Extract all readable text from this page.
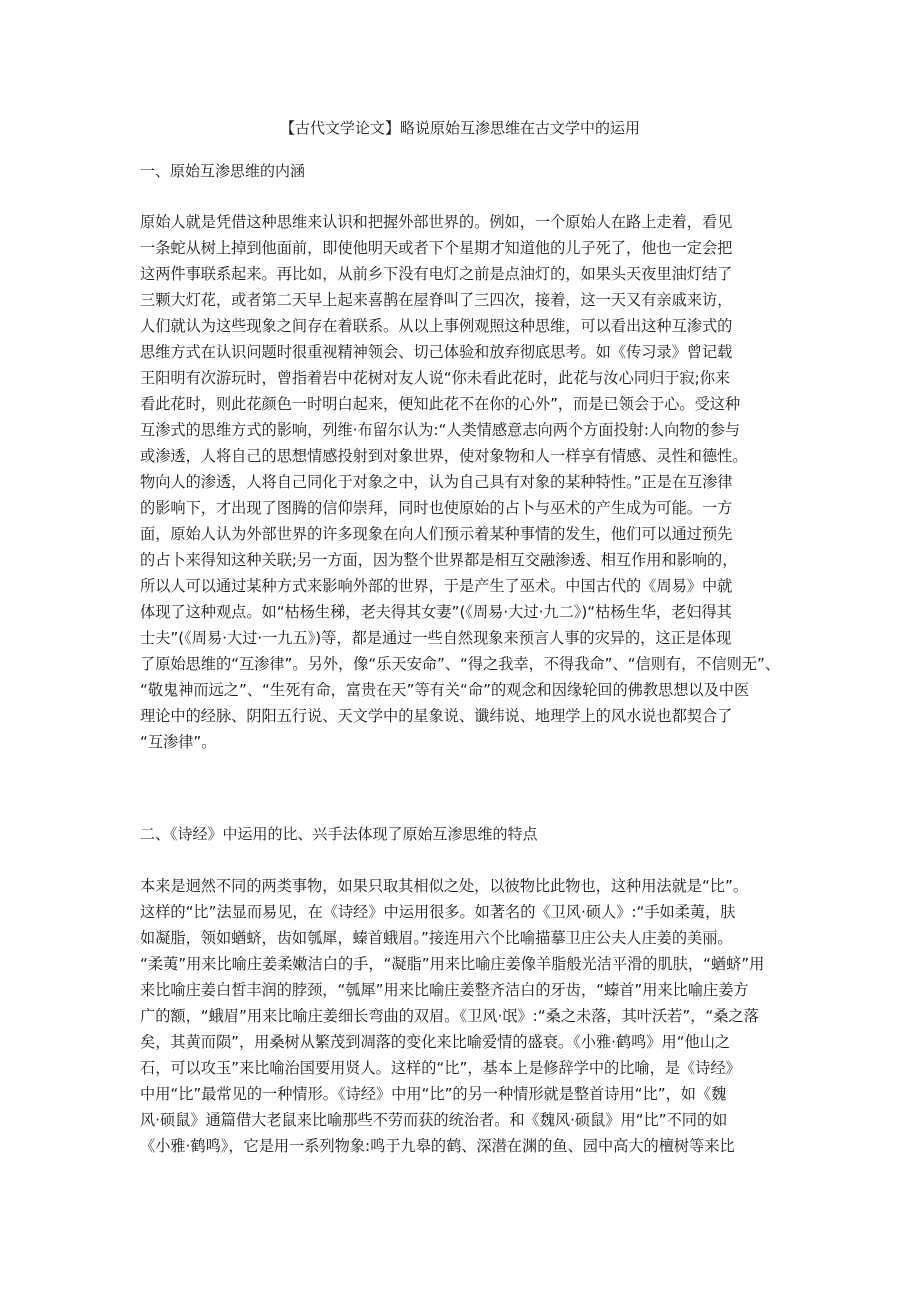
【古代文学论文】略说原始互渗思维在古文学中的运用
一、原始互渗思维的内涵
原始人就是凭借这种思维来认识和把握外部世界的。例如，一个原始人在路上走着，看见
一条蛇从树上掉到他面前，即使他明天或者下个星期才知道他的儿子死了，他也一定会把
这两件事联系起来。再比如，从前乡下没有电灯之前是点油灯的，如果头天夜里油灯结了
三颗大灯花，或者第二天早上起来喜鹊在屋脊叫了三四次，接着，这一天又有亲戚来访，
人们就认为这些现象之间存在着联系。从以上事例观照这种思维，可以看出这种互渗式的
思维方式在认识问题时很重视精神领会、切己体验和放弃彻底思考。如《传习录》曾记载
王阳明有次游玩时，曾指着岩中花树对友人说“你未看此花时，此花与汝心同归于寂;你来
看此花时，则此花颜色一时明白起来，便知此花不在你的心外”，而是已领会于心。受这种
互渗式的思维方式的影响，列维·布留尔认为:“人类情感意志向两个方面投射:人向物的参与
或渗透，人将自己的思想情感投射到对象世界，使对象物和人一样享有情感、灵性和德性。
物向人的渗透，人将自己同化于对象之中，认为自己具有对象的某种特性。”正是在互渗律
的影响下，才出现了图腾的信仰崇拜，同时也使原始的占卜与巫术的产生成为可能。一方
面，原始人认为外部世界的许多现象在向人们预示着某种事情的发生，他们可以通过预先
的占卜来得知这种关联;另一方面，因为整个世界都是相互交融渗透、相互作用和影响的，
所以人可以通过某种方式来影响外部的世界，于是产生了巫术。中国古代的《周易》中就
体现了这种观点。如“枯杨生稊，老夫得其女妻”(《周易·大过·九二》)“枯杨生华，老妇得其
士夫”(《周易·大过·一九五》)等，都是通过一些自然现象来预言人事的灾异的，这正是体现
了原始思维的“互渗律”。另外，像“乐天安命”、“得之我幸，不得我命”、“信则有，不信则无”、
“敬鬼神而远之”、“生死有命，富贵在天”等有关“命”的观念和因缘轮回的佛教思想以及中医
理论中的经脉、阴阳五行说、天文学中的星象说、谶纬说、地理学上的风水说也都契合了
“互渗律”。
二、《诗经》中运用的比、兴手法体现了原始互渗思维的特点
本来是迥然不同的两类事物，如果只取其相似之处，以彼物比此物也，这种用法就是“比”。
这样的“比”法显而易见，在《诗经》中运用很多。如著名的《卫风·硕人》:“手如柔荑，肤
如凝脂，领如蝤蛴，齿如瓠犀，螓首蛾眉。”接连用六个比喻描摹卫庄公夫人庄姜的美丽。
“柔荑”用来比喻庄姜柔嫩洁白的手，“凝脂”用来比喻庄姜像羊脂般光洁平滑的肌肤，“蝤蛴”用
来比喻庄姜白皙丰润的脖颈，“瓠犀”用来比喻庄姜整齐洁白的牙齿，“螓首”用来比喻庄姜方
广的额，“蛾眉”用来比喻庄姜细长弯曲的双眉。《卫风·氓》:“桑之未落，其叶沃若”，“桑之落
矣，其黄而陨”，用桑树从繁茂到凋落的变化来比喻爱情的盛衰。《小雅·鹤鸣》用“他山之
石，可以攻玉”来比喻治国要用贤人。这样的“比”，基本上是修辞学中的比喻，是《诗经》
中用“比”最常见的一种情形。《诗经》中用“比”的另一种情形就是整首诗用“比”，如《魏
风·硕鼠》通篇借大老鼠来比喻那些不劳而获的统治者。和《魏风·硕鼠》用“比”不同的如
《小雅·鹤鸣》，它是用一系列物象:鸣于九皋的鹤、深潜在渊的鱼、园中高大的檀树等来比
